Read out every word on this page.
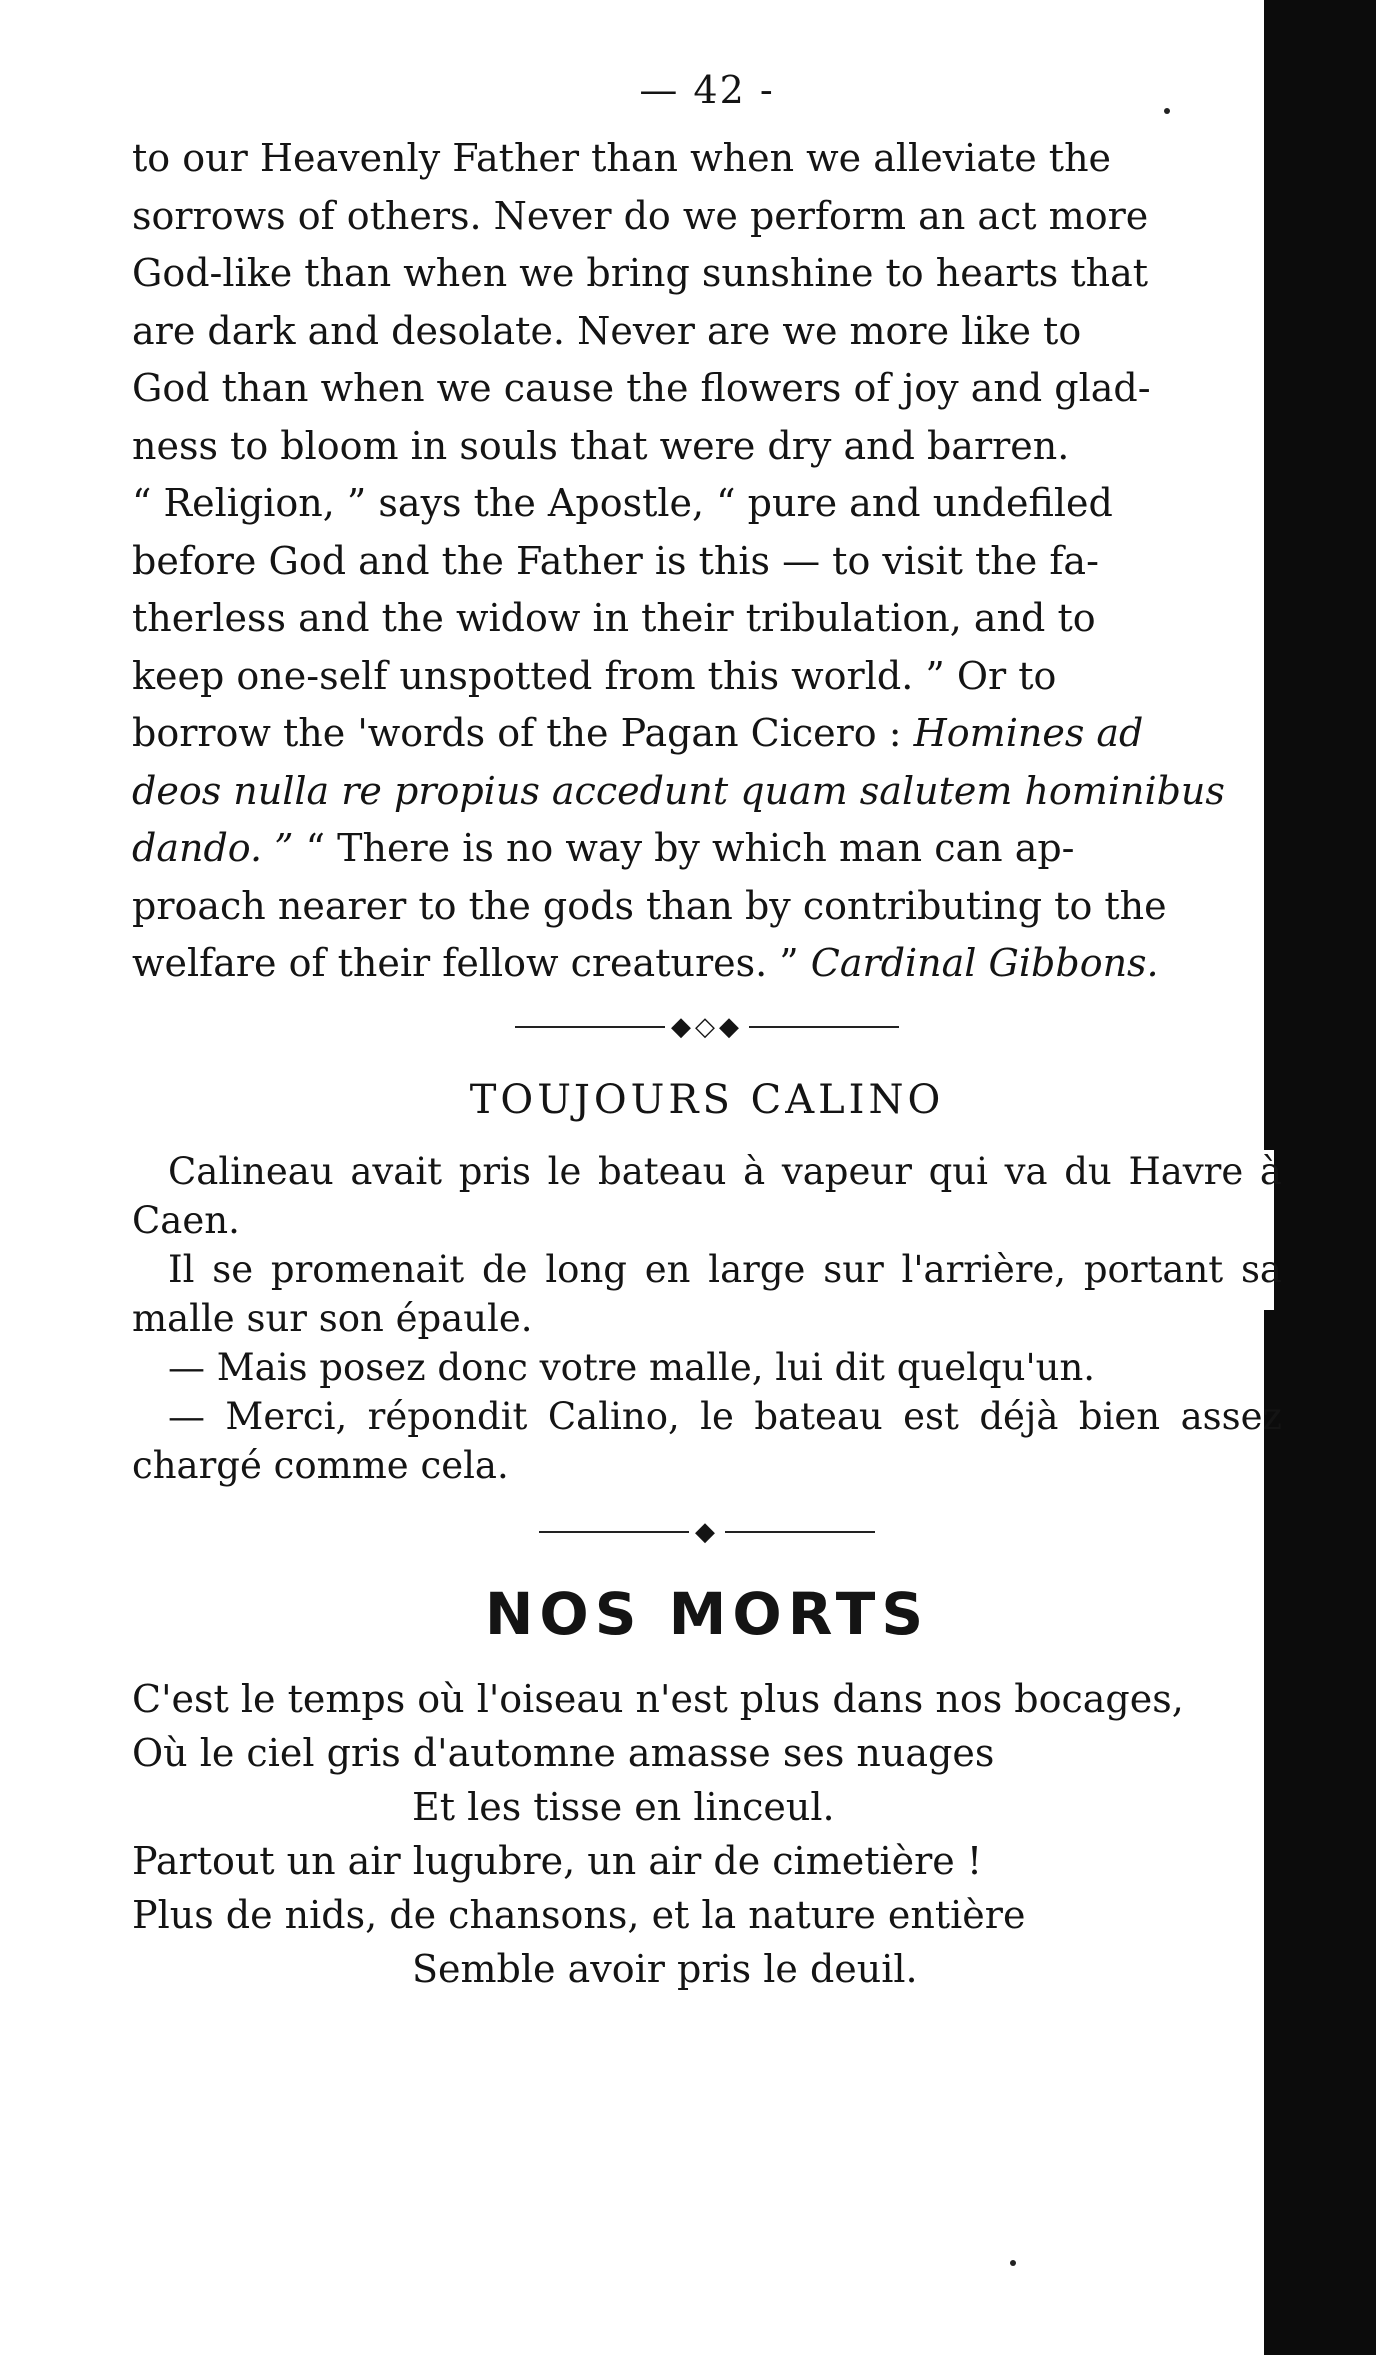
— 42 -

to our Heavenly Father than when we alleviate the

sorrows of others. Never do we perform an act more

God-like than when we bring sunshine to hearts that

are dark and desolate. Never are we more like to

God than when we cause the flowers of joy and glad-

ness to bloom in souls that were dry and barren.

“ Religion, ” says the Apostle, “ pure and undefiled

before God and the Father is this — to visit the fa-

therless and the widow in their tribulation, and to

keep one-self unspotted from this world. ” Or to

borrow the 'words of the Pagan Cicero : Homines ad

deos nulla re propius accedunt quam salutem hominibus

dando. ” “ There is no way by which man can ap-

proach nearer to the gods than by contributing to the

welfare of their fellow creatures. ” Cardinal Gibbons.

◆◇◆
TOUJOURS CALINO

Calineau avait pris le bateau à vapeur qui va du Havre à Caen.

Il se promenait de long en large sur l'arrière, portant sa malle sur son épaule.

— Mais posez donc votre malle, lui dit quelqu'un.

— Merci, répondit Calino, le bateau est déjà bien assez chargé comme cela.

◆
NOS MORTS

C'est le temps où l'oiseau n'est plus dans nos bocages,

Où le ciel gris d'automne amasse ses nuages

Et les tisse en linceul.

Partout un air lugubre, un air de cimetière !

Plus de nids, de chansons, et la nature entière

Semble avoir pris le deuil.
